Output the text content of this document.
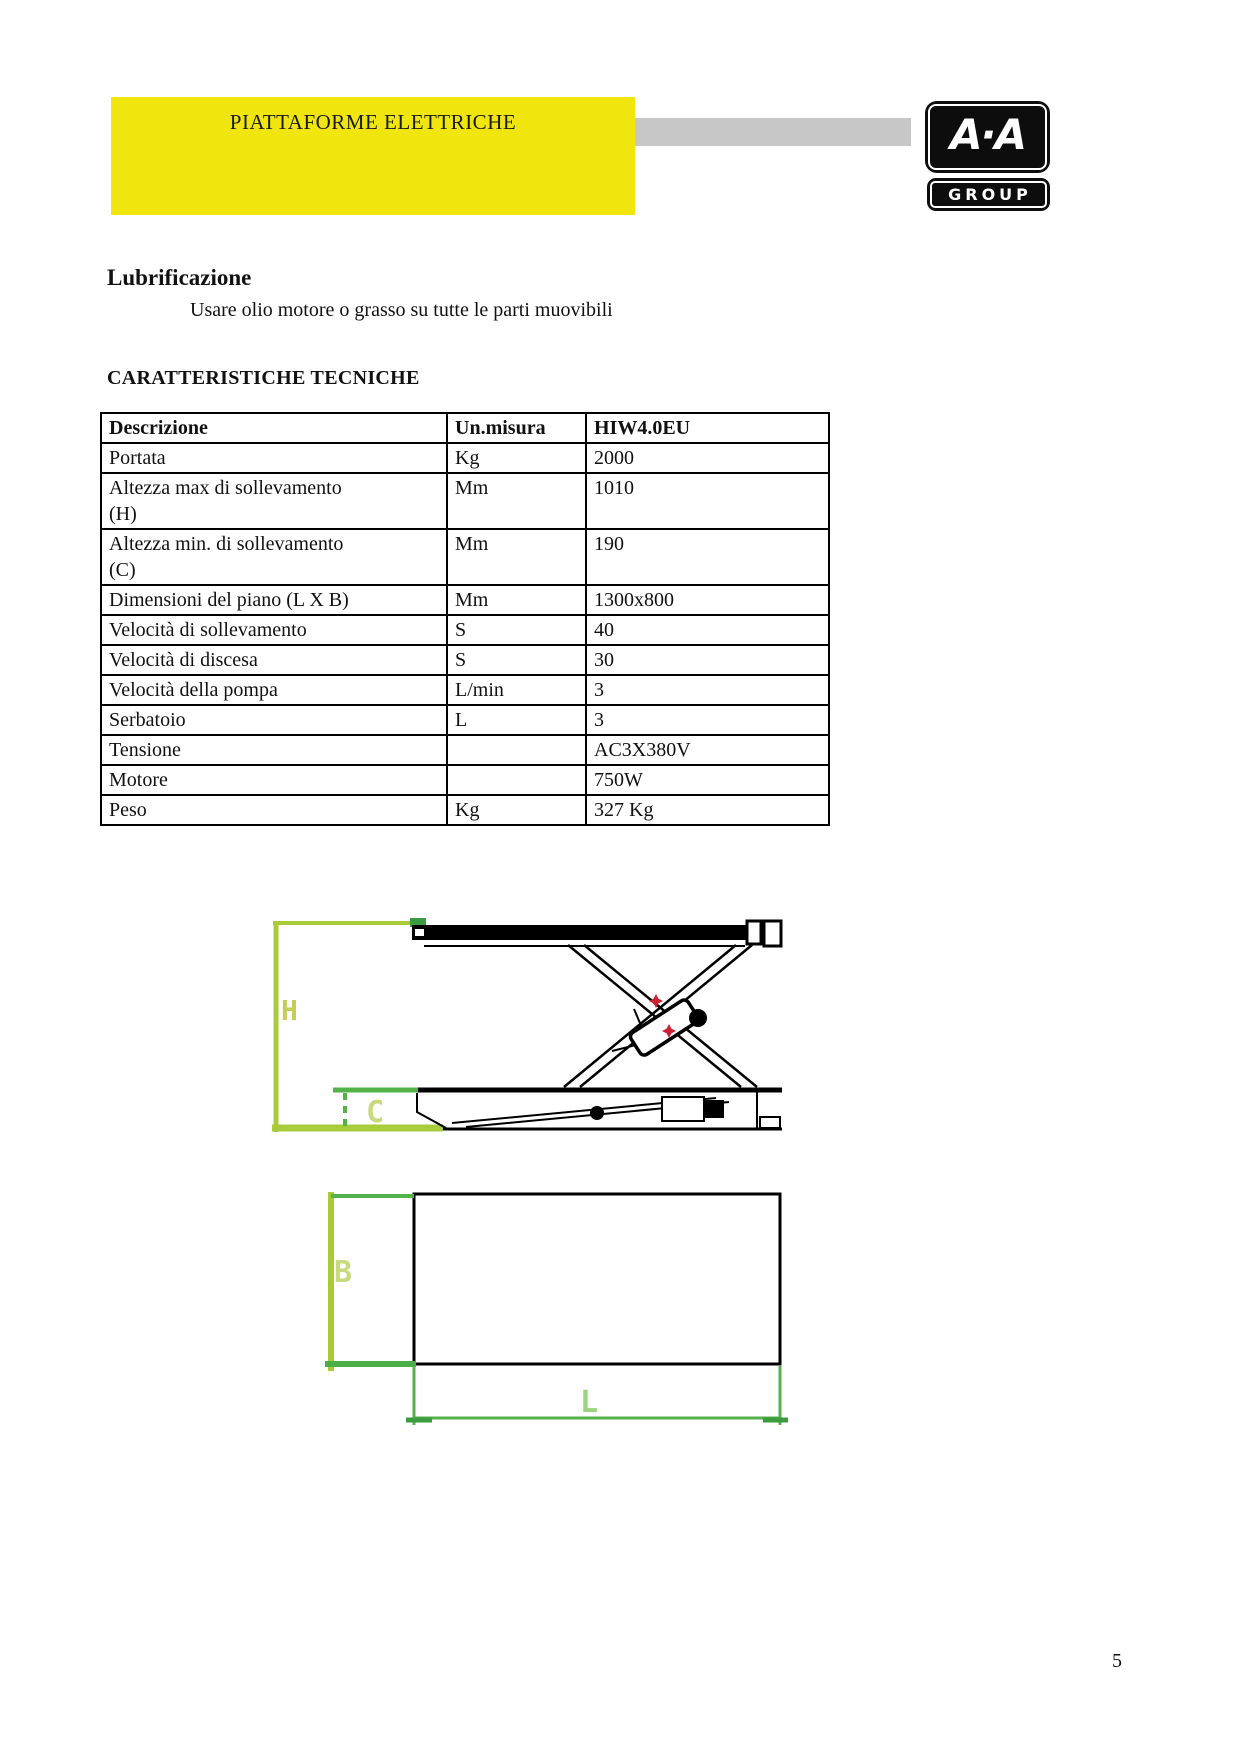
PIATTAFORME ELETTRICHE	A·A
GROUP
Lubrificazione
Usare olio motore o grasso su tutte le parti muovibili
CARATTERISTICHE TECNICHE
Descrizione	Un.misura	HIW4.0EU

Portata	Kg	2000

Altezza max di sollevamento
(H)	Mm	1010

Altezza min. di sollevamento
(C)	Mm	190

Dimensioni del piano (L X B)	Mm	1300x800

Velocità di sollevamento	S	40

Velocità di discesa	S	30

Velocità della pompa	L/min	3

Serbatoio	L	3

Tensione		AC3X380V

Motore		750W

Peso	Kg	327 Kg
H
C
B
L
5
